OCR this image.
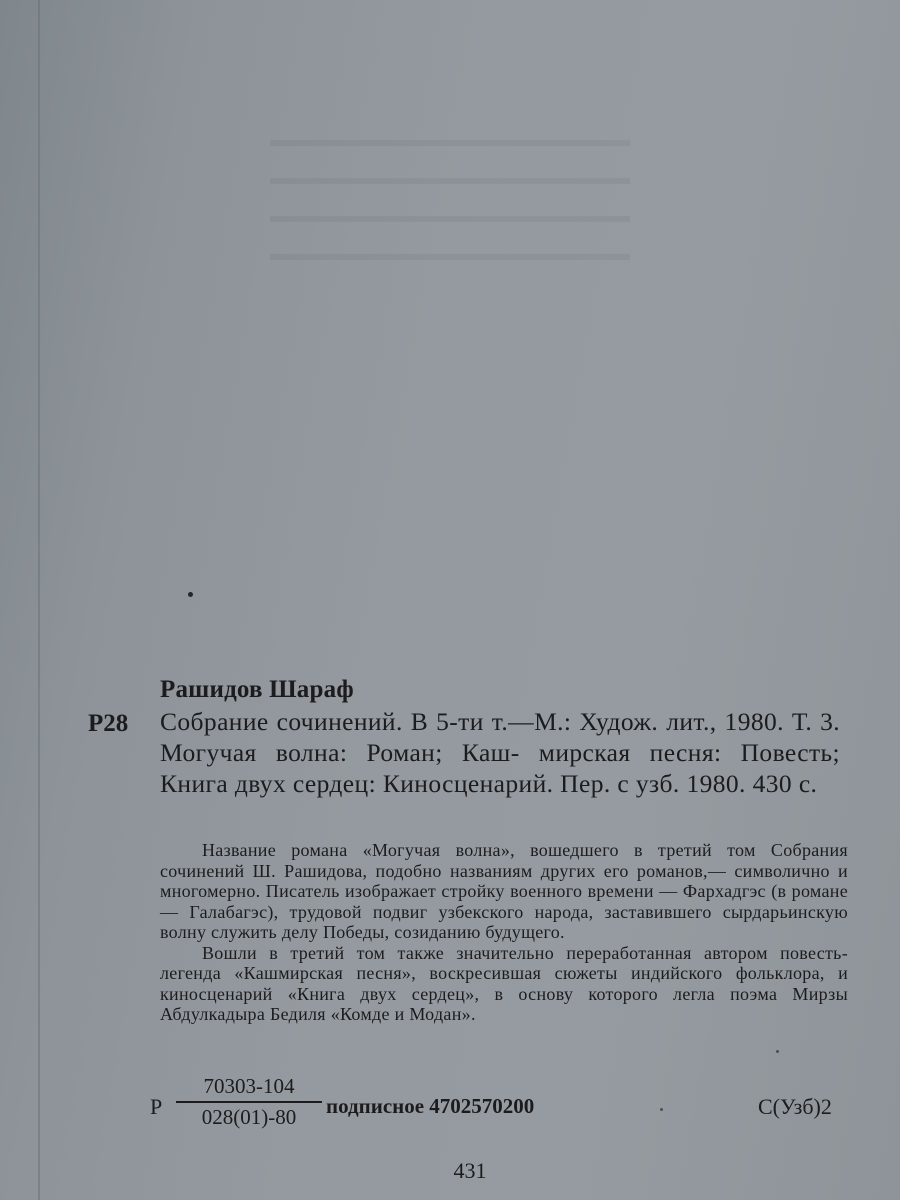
Рашидов Шараф
Р28 Собрание сочинений. В 5-ти т.—М.: Худож. лит., 1980. Т. 3. Могучая волна: Роман; Каш- мирская песня: Повесть; Книга двух сердец: Киносценарий. Пер. с узб. 1980. 430 с.

Название романа «Могучая волна», вошедшего в третий том Собрания сочинений Ш. Рашидова, подобно названиям других его романов,— символично и многомерно. Писатель изображает стройку военного времени — Фархадгэс (в романе — Галабагэс), трудовой подвиг узбекского народа, заставившего сырдарьинскую волну служить делу Победы, созиданию будущего.

Вошли в третий том также значительно переработанная автором повесть-легенда «Кашмирская песня», воскресившая сюжеты индийского фольклора, и киносценарий «Книга двух сердец», в основу которого легла поэма Мирзы Абдулкадыра Бедиля «Комде и Модан».

Р $\frac{70303-104}{028(01)-80}$ подписное 4702570200	С(Узб)2
431
